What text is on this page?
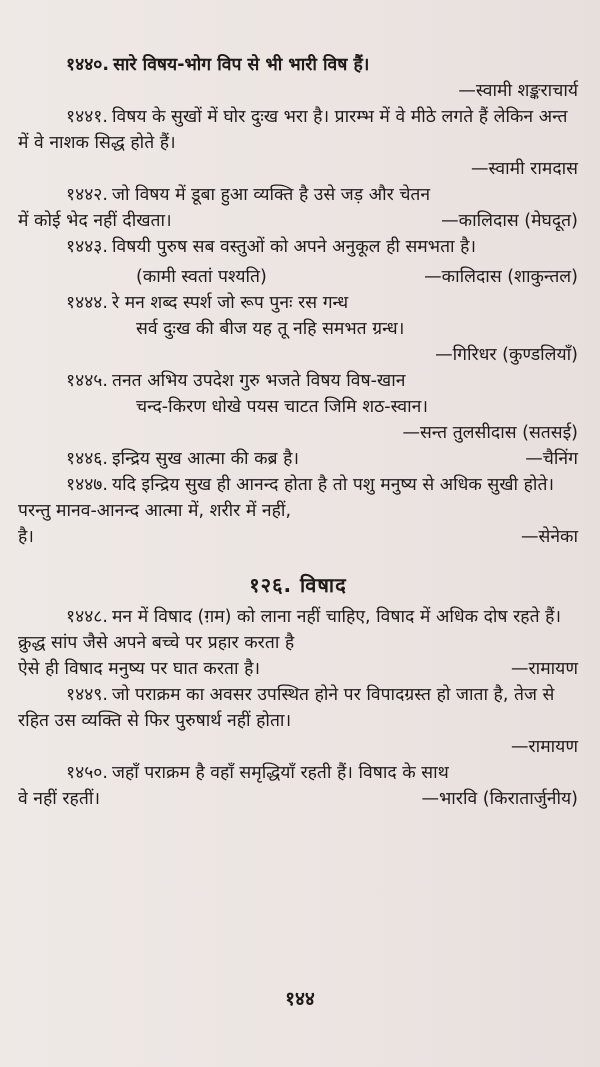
१४४०. सारे विषय-भोग विप से भी भारी विष हैं।

—स्वामी शङ्कराचार्य

१४४१. विषय के सुखों में घोर दुःख भरा है। प्रारम्भ में वे मीठे लगते हैं लेकिन अन्त में वे नाशक सिद्ध होते हैं।

—स्वामी रामदास

१४४२. जो विषय में डूबा हुआ व्यक्ति है उसे जड़ और चेतन

में कोई भेद नहीं दीखता।	—कालिदास (मेघदूत)

१४४३. विषयी पुरुष सब वस्तुओं को अपने अनुकूल ही समभता है।

(कामी स्वतां पश्यति)	—कालिदास (शाकुन्तल)

१४४४. रे मन शब्द स्पर्श जो रूप पुनः रस गन्ध

सर्व दुःख की बीज यह तू नहि समभत ग्रन्ध।

—गिरिधर (कुण्डलियाँ)

१४४५. तनत अभिय उपदेश गुरु भजते विषय विष-खान

चन्द-किरण धोखे पयस चाटत जिमि शठ-स्वान।

—सन्त तुलसीदास (सतसई)

१४४६. इन्द्रिय सुख आत्मा की कब्र है।	—चैनिंग

१४४७. यदि इन्द्रिय सुख ही आनन्द होता है तो पशु मनुष्य से अधिक सुखी होते। परन्तु मानव-आनन्द आत्मा में, शरीर में नहीं,

है।	—सेनेका
१२६. विषाद

१४४८. मन में विषाद (ग़म) को लाना नहीं चाहिए, विषाद में अधिक दोष रहते हैं। क्रुद्ध सांप जैसे अपने बच्चे पर प्रहार करता है

ऐसे ही विषाद मनुष्य पर घात करता है।	—रामायण

१४४९. जो पराक्रम का अवसर उपस्थित होने पर विपादग्रस्त हो जाता है, तेज से रहित उस व्यक्ति से फिर पुरुषार्थ नहीं होता।

—रामायण

१४५०. जहाँ पराक्रम है वहाँ समृद्धियाँ रहती हैं। विषाद के साथ

वे नहीं रहतीं।	—भारवि (किरातार्जुनीय)
१४४
